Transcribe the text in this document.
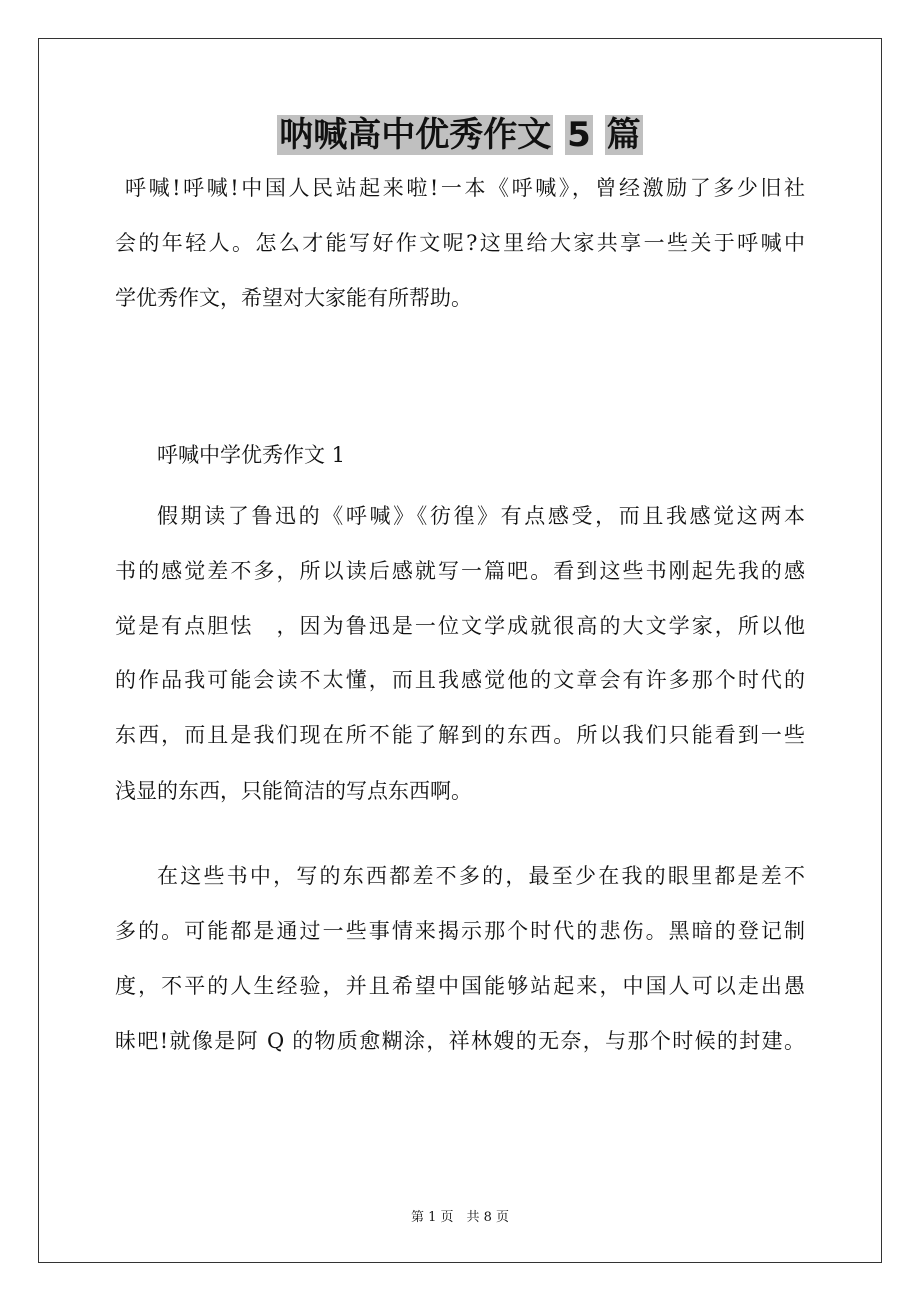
呐喊高中优秀作文 5 篇
呼喊!呼喊!中国人民站起来啦!一本《呼喊》，曾经激励了多少旧社
会的年轻人。怎么才能写好作文呢?这里给大家共享一些关于呼喊中
学优秀作文，希望对大家能有所帮助。
呼喊中学优秀作文 1
假期读了鲁迅的《呼喊》《彷徨》有点感受，而且我感觉这两本
书的感觉差不多，所以读后感就写一篇吧。看到这些书刚起先我的感
觉是有点胆怯　，因为鲁迅是一位文学成就很高的大文学家，所以他
的作品我可能会读不太懂，而且我感觉他的文章会有许多那个时代的
东西，而且是我们现在所不能了解到的东西。所以我们只能看到一些
浅显的东西，只能简洁的写点东西啊。
在这些书中，写的东西都差不多的，最至少在我的眼里都是差不
多的。可能都是通过一些事情来揭示那个时代的悲伤。黑暗的登记制
度，不平的人生经验，并且希望中国能够站起来，中国人可以走出愚
昧吧!就像是阿 Q 的物质愈糊涂，祥林嫂的无奈，与那个时候的封建。
第 1 页　共 8 页
